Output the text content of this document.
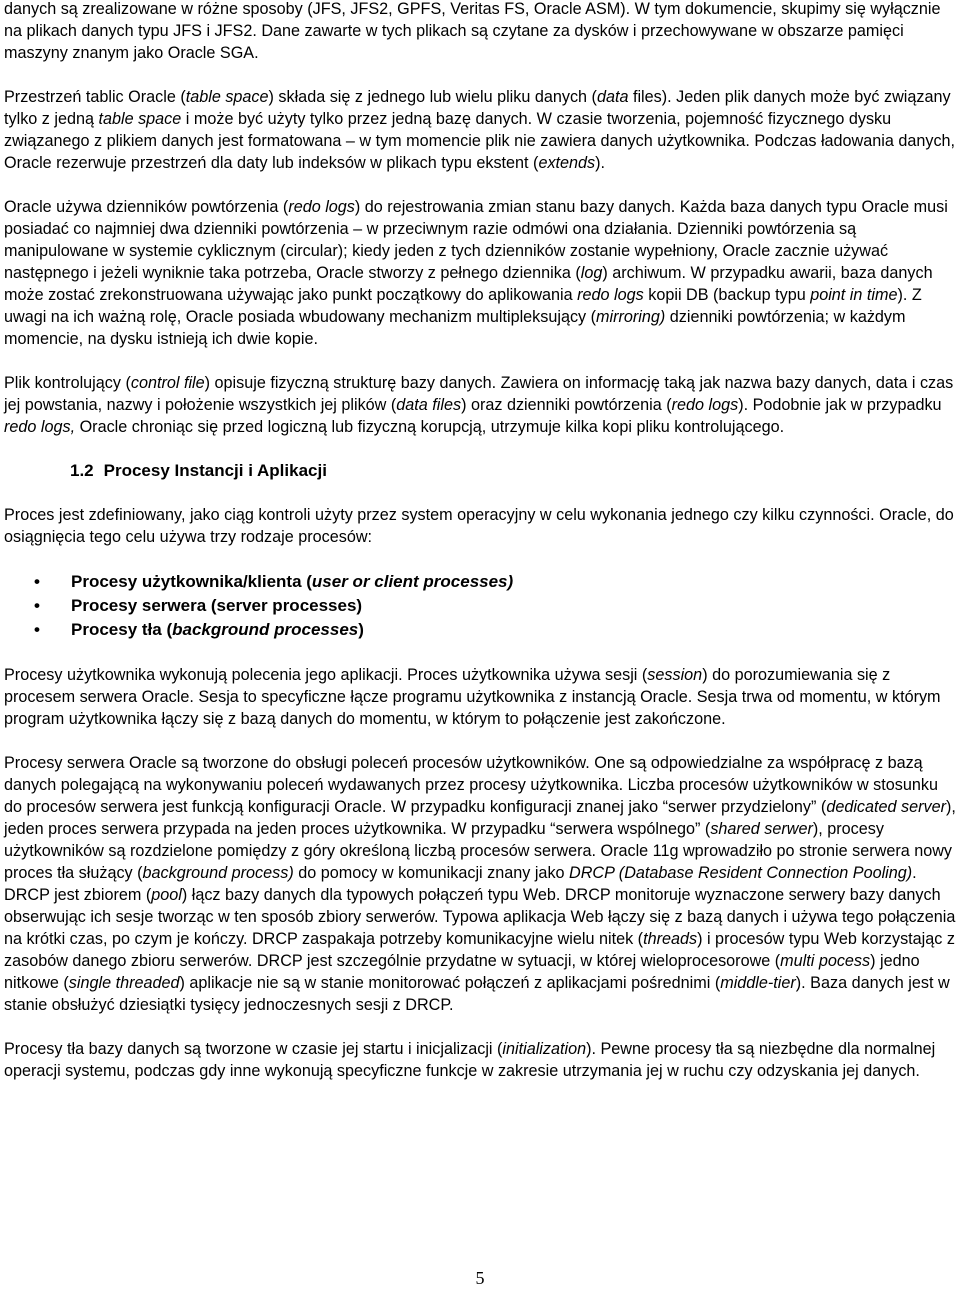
danych są zrealizowane w różne sposoby (JFS, JFS2, GPFS, Veritas FS, Oracle ASM). W tym dokumencie, skupimy się wyłącznie na plikach danych typu JFS i JFS2. Dane zawarte w tych plikach są czytane za dysków i przechowywane w obszarze pamięci maszyny znanym jako Oracle SGA.

Przestrzeń tablic Oracle (table space) składa się z jednego lub wielu pliku danych (data files). Jeden plik danych może być związany tylko z jedną table space i może być użyty tylko przez jedną bazę danych. W czasie tworzenia, pojemność fizycznego dysku związanego z plikiem danych jest formatowana – w tym momencie plik nie zawiera danych użytkownika. Podczas ładowania danych, Oracle rezerwuje przestrzeń dla daty lub indeksów w plikach typu ekstent (extends).

Oracle używa dzienników powtórzenia (redo logs) do rejestrowania zmian stanu bazy danych. Każda baza danych typu Oracle musi posiadać co najmniej dwa dzienniki powtórzenia – w przeciwnym razie odmówi ona działania. Dzienniki powtórzenia są manipulowane w systemie cyklicznym (circular); kiedy jeden z tych dzienników zostanie wypełniony, Oracle zacznie używać następnego i jeżeli wyniknie taka potrzeba, Oracle stworzy z pełnego dziennika (log) archiwum. W przypadku awarii, baza danych może zostać zrekonstruowana używając jako punkt początkowy do aplikowania redo logs kopii DB (backup typu point in time). Z uwagi na ich ważną rolę, Oracle posiada wbudowany mechanizm multipleksujący (mirroring) dzienniki powtórzenia; w każdym momencie, na dysku istnieją ich dwie kopie.

Plik kontrolujący (control file) opisuje fizyczną strukturę bazy danych. Zawiera on informację taką jak nazwa bazy danych, data i czas jej powstania, nazwy i położenie wszystkich jej plików (data files) oraz dzienniki powtórzenia (redo logs). Podobnie jak w przypadku redo logs, Oracle chroniąc się przed logiczną lub fizyczną korupcją, utrzymuje kilka kopi pliku kontrolującego.

1.2 Procesy Instancji i Aplikacji

Proces jest zdefiniowany, jako ciąg kontroli użyty przez system operacyjny w celu wykonania jednego czy kilku czynności. Oracle, do osiągnięcia tego celu używa trzy rodzaje procesów:

• Procesy użytkownika/klienta (user or client processes)
• Procesy serwera (server processes)
• Procesy tła (background processes)

Procesy użytkownika wykonują polecenia jego aplikacji. Proces użytkownika używa sesji (session) do porozumiewania się z procesem serwera Oracle. Sesja to specyficzne łącze programu użytkownika z instancją Oracle. Sesja trwa od momentu, w którym program użytkownika łączy się z bazą danych do momentu, w którym to połączenie jest zakończone.

Procesy serwera Oracle są tworzone do obsługi poleceń procesów użytkowników. One są odpowiedzialne za współpracę z bazą danych polegającą na wykonywaniu poleceń wydawanych przez procesy użytkownika. Liczba procesów użytkowników w stosunku do procesów serwera jest funkcją konfiguracji Oracle. W przypadku konfiguracji znanej jako “serwer przydzielony” (dedicated server), jeden proces serwera przypada na jeden proces użytkownika. W przypadku “serwera wspólnego” (shared serwer), procesy użytkowników są rozdzielone pomiędzy z góry określoną liczbą procesów serwera. Oracle 11g wprowadziło po stronie serwera nowy proces tła służący (background process) do pomocy w komunikacji znany jako DRCP (Database Resident Connection Pooling). DRCP jest zbiorem (pool) łącz bazy danych dla typowych połączeń typu Web. DRCP monitoruje wyznaczone serwery bazy danych obserwując ich sesje tworząc w ten sposób zbiory serwerów. Typowa aplikacja Web łączy się z bazą danych i używa tego połączenia na krótki czas, po czym je kończy. DRCP zaspakaja potrzeby komunikacyjne wielu nitek (threads) i procesów typu Web korzystając z zasobów danego zbioru serwerów. DRCP jest szczególnie przydatne w sytuacji, w której wieloprocesorowe (multi pocess) jedno nitkowe (single threaded) aplikacje nie są w stanie monitorować połączeń z aplikacjami pośrednimi (middle-tier). Baza danych jest w stanie obsłużyć dziesiątki tysięcy jednoczesnych sesji z DRCP.

Procesy tła bazy danych są tworzone w czasie jej startu i inicjalizacji (initialization). Pewne procesy tła są niezbędne dla normalnej operacji systemu, podczas gdy inne wykonują specyficzne funkcje w zakresie utrzymania jej w ruchu czy odzyskania jej danych.

5
